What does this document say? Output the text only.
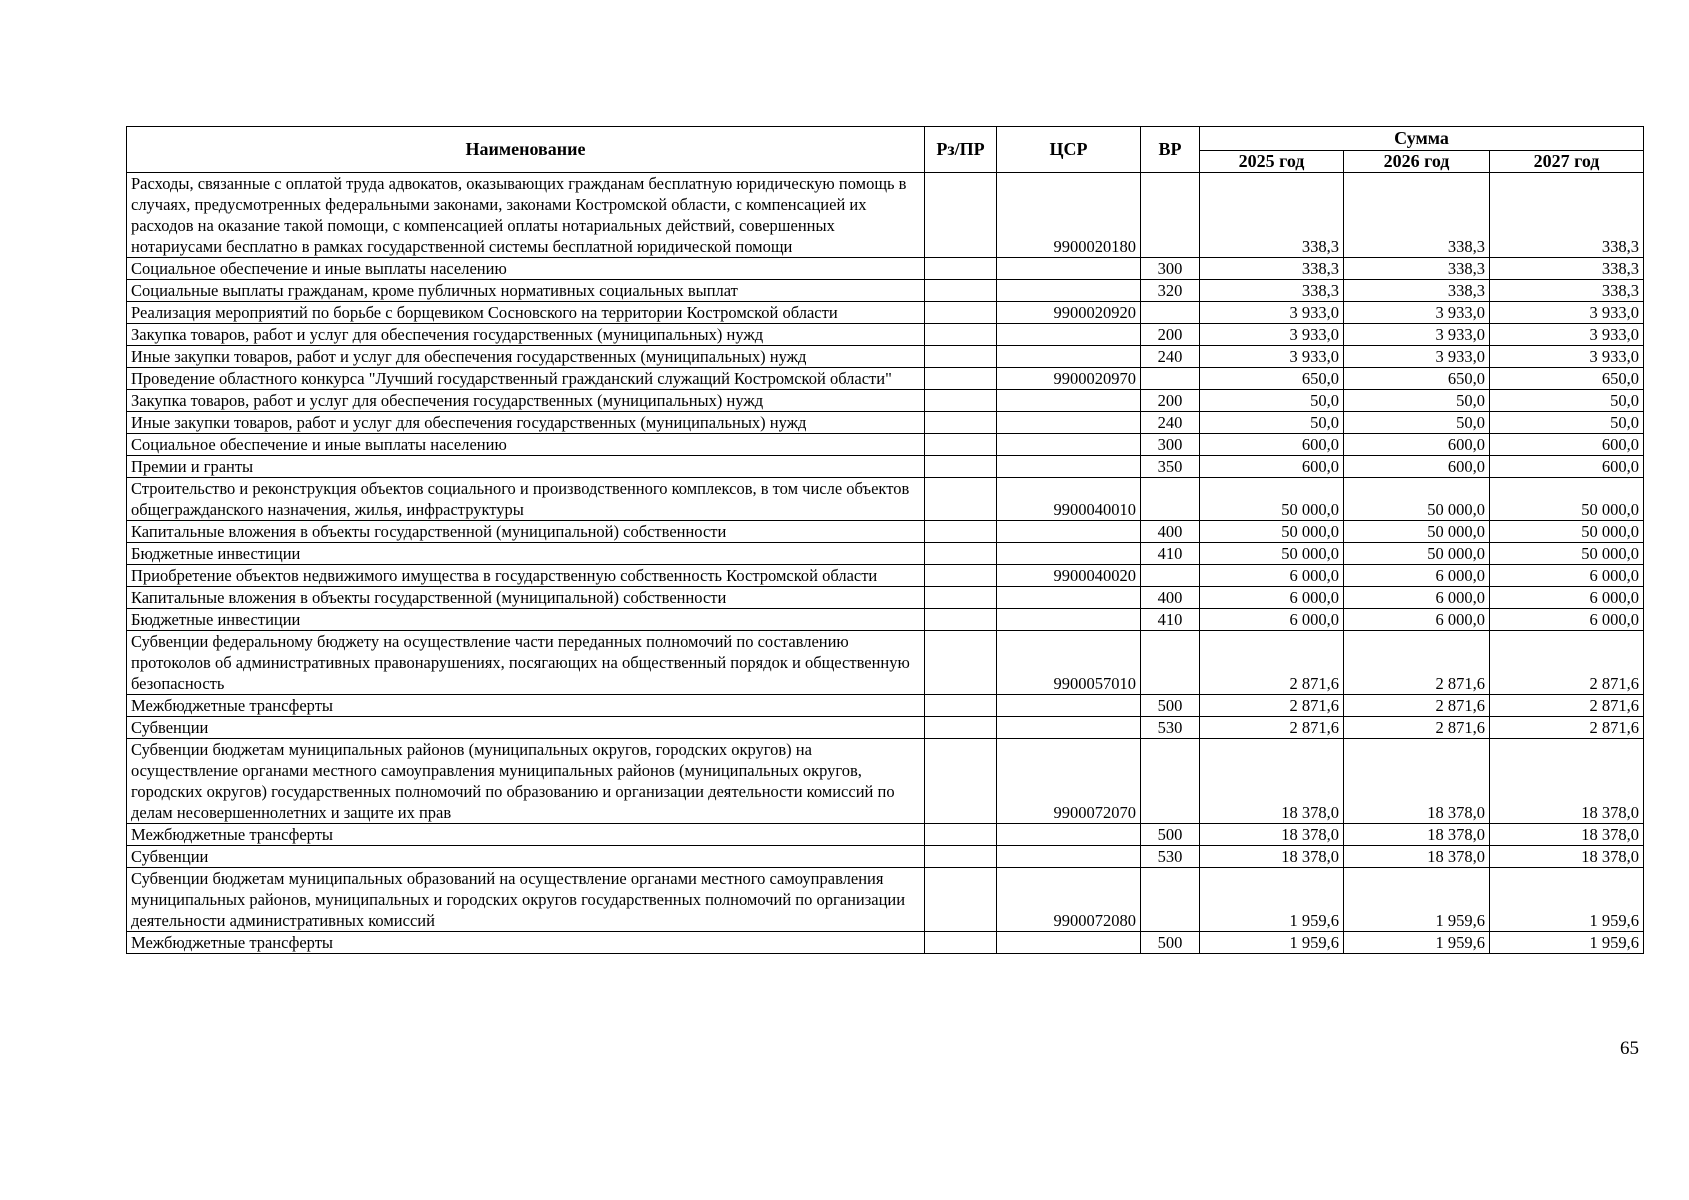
Наименование	Рз/ПР	ЦСР	ВР	Сумма		
				2025 год	2026 год	2027 год
Расходы, связанные с оплатой труда адвокатов, оказывающих гражданам бесплатную юридическую помощь в случаях, предусмотренных федеральными законами, законами Костромской области, с компенсацией их расходов на оказание такой помощи, с компенсацией оплаты нотариальных действий, совершенных нотариусами бесплатно в рамках государственной системы бесплатной юридической помощи		9900020180		338,3	338,3	338,3
Социальное обеспечение и иные выплаты населению			300	338,3	338,3	338,3
Социальные выплаты гражданам, кроме публичных нормативных социальных выплат			320	338,3	338,3	338,3
Реализация мероприятий по борьбе с борщевиком Сосновского на территории Костромской области		9900020920		3 933,0	3 933,0	3 933,0
Закупка товаров, работ и услуг для обеспечения государственных (муниципальных) нужд			200	3 933,0	3 933,0	3 933,0
Иные закупки товаров, работ и услуг для обеспечения государственных (муниципальных) нужд			240	3 933,0	3 933,0	3 933,0
Проведение областного конкурса "Лучший государственный гражданский служащий Костромской области"		9900020970		650,0	650,0	650,0
Закупка товаров, работ и услуг для обеспечения государственных (муниципальных) нужд			200	50,0	50,0	50,0
Иные закупки товаров, работ и услуг для обеспечения государственных (муниципальных) нужд			240	50,0	50,0	50,0
Социальное обеспечение и иные выплаты населению			300	600,0	600,0	600,0
Премии и гранты			350	600,0	600,0	600,0
Строительство и реконструкция объектов социального и производственного комплексов, в том числе объектов общегражданского назначения, жилья, инфраструктуры		9900040010		50 000,0	50 000,0	50 000,0
Капитальные вложения в объекты государственной (муниципальной) собственности			400	50 000,0	50 000,0	50 000,0
Бюджетные инвестиции			410	50 000,0	50 000,0	50 000,0
Приобретение объектов недвижимого имущества в государственную собственность Костромской области		9900040020		6 000,0	6 000,0	6 000,0
Капитальные вложения в объекты государственной (муниципальной) собственности			400	6 000,0	6 000,0	6 000,0
Бюджетные инвестиции			410	6 000,0	6 000,0	6 000,0
Субвенции федеральному бюджету на осуществление части переданных полномочий по составлению протоколов об административных правонарушениях, посягающих на общественный порядок и общественную безопасность		9900057010		2 871,6	2 871,6	2 871,6
Межбюджетные трансферты			500	2 871,6	2 871,6	2 871,6
Субвенции			530	2 871,6	2 871,6	2 871,6
Субвенции бюджетам муниципальных районов (муниципальных округов, городских округов) на осуществление органами местного самоуправления муниципальных районов (муниципальных округов, городских округов) государственных полномочий по образованию и организации деятельности комиссий по делам несовершеннолетних и защите их прав		9900072070		18 378,0	18 378,0	18 378,0
Межбюджетные трансферты			500	18 378,0	18 378,0	18 378,0
Субвенции			530	18 378,0	18 378,0	18 378,0
Субвенции бюджетам муниципальных образований на осуществление органами местного самоуправления муниципальных районов, муниципальных и городских округов государственных полномочий по организации деятельности административных комиссий		9900072080		1 959,6	1 959,6	1 959,6
Межбюджетные трансферты			500	1 959,6	1 959,6	1 959,6
65
